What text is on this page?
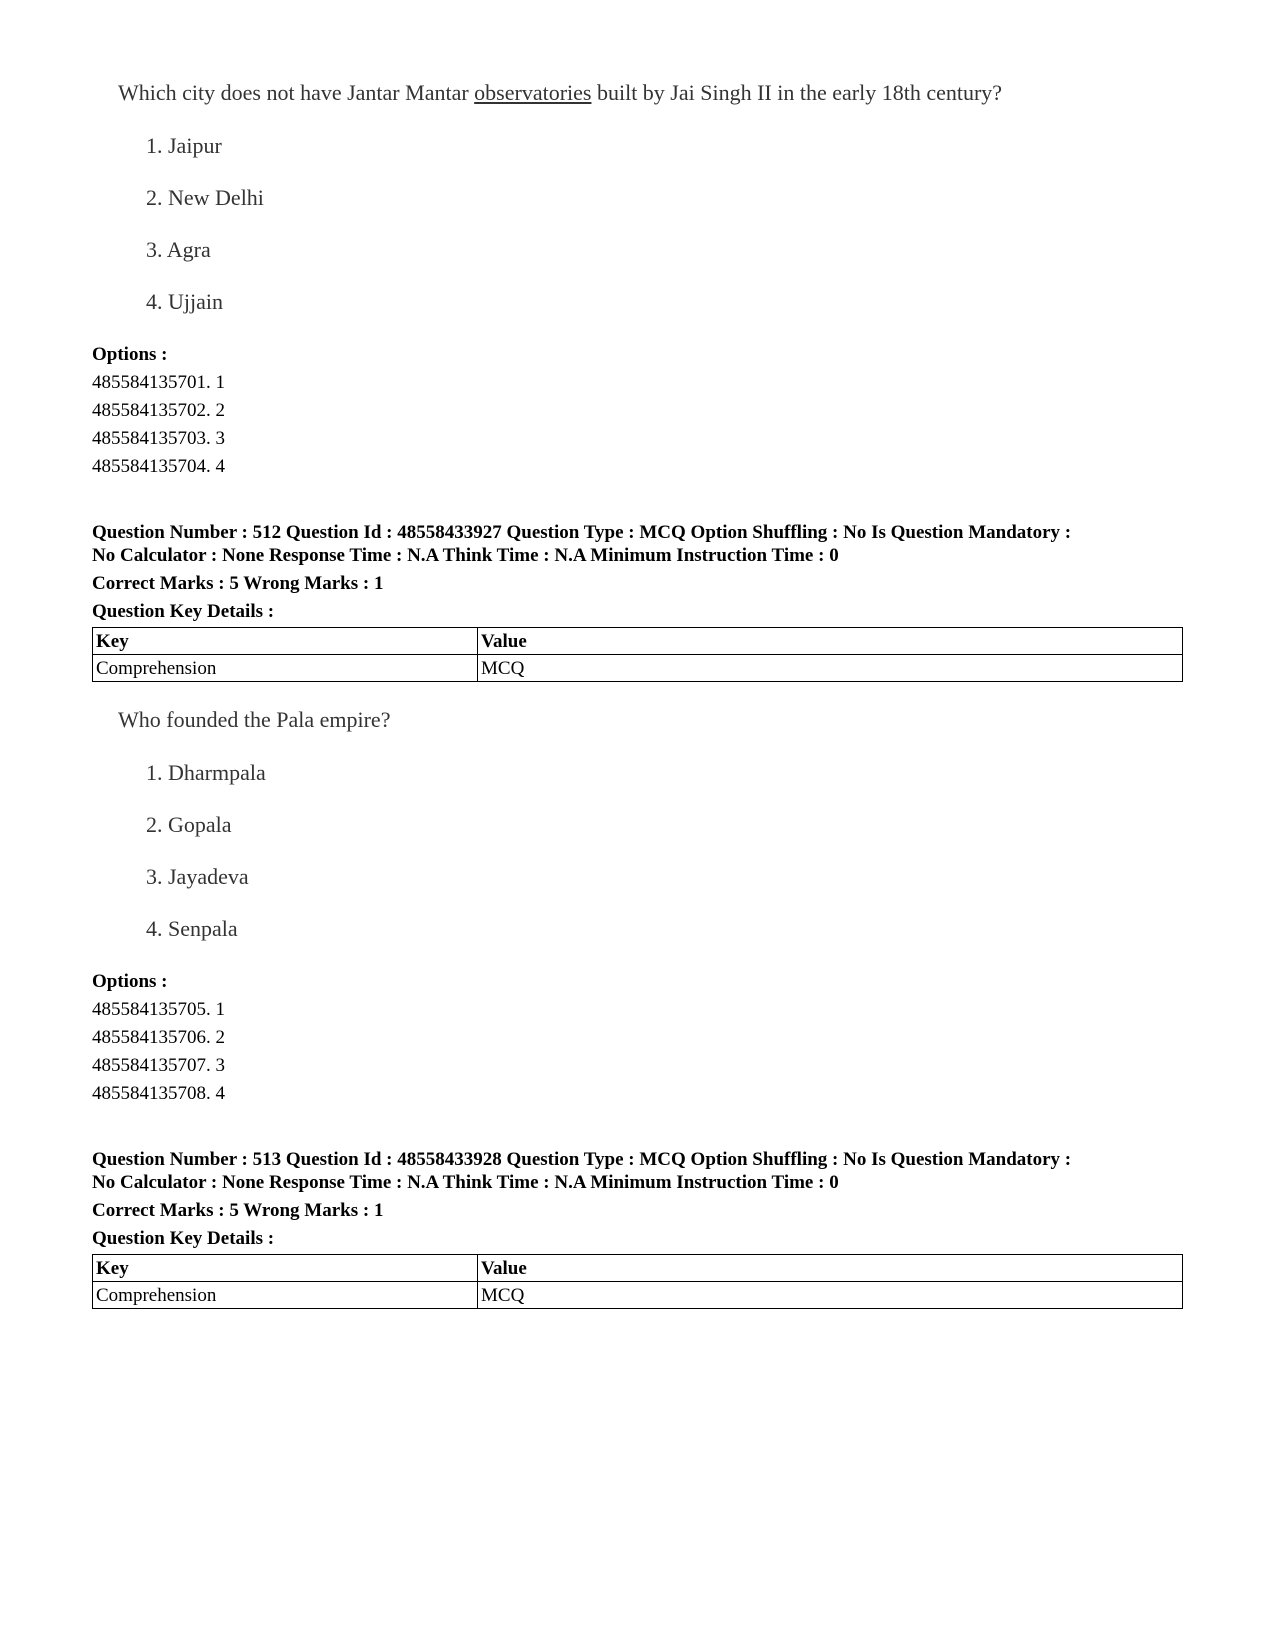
Which city does not have Jantar Mantar observatories built by Jai Singh II in the early 18th century?
1. Jaipur
2. New Delhi
3. Agra
4. Ujjain
Options :
485584135701. 1
485584135702. 2
485584135703. 3
485584135704. 4
Question Number : 512 Question Id : 48558433927 Question Type : MCQ Option Shuffling : No Is Question Mandatory :
No Calculator : None Response Time : N.A Think Time : N.A Minimum Instruction Time : 0
Correct Marks : 5 Wrong Marks : 1
Question Key Details :
Key	Value
Comprehension	MCQ
Who founded the Pala empire?
1. Dharmpala
2. Gopala
3. Jayadeva
4. Senpala
Options :
485584135705. 1
485584135706. 2
485584135707. 3
485584135708. 4
Question Number : 513 Question Id : 48558433928 Question Type : MCQ Option Shuffling : No Is Question Mandatory :
No Calculator : None Response Time : N.A Think Time : N.A Minimum Instruction Time : 0
Correct Marks : 5 Wrong Marks : 1
Question Key Details :
Key	Value
Comprehension	MCQ
